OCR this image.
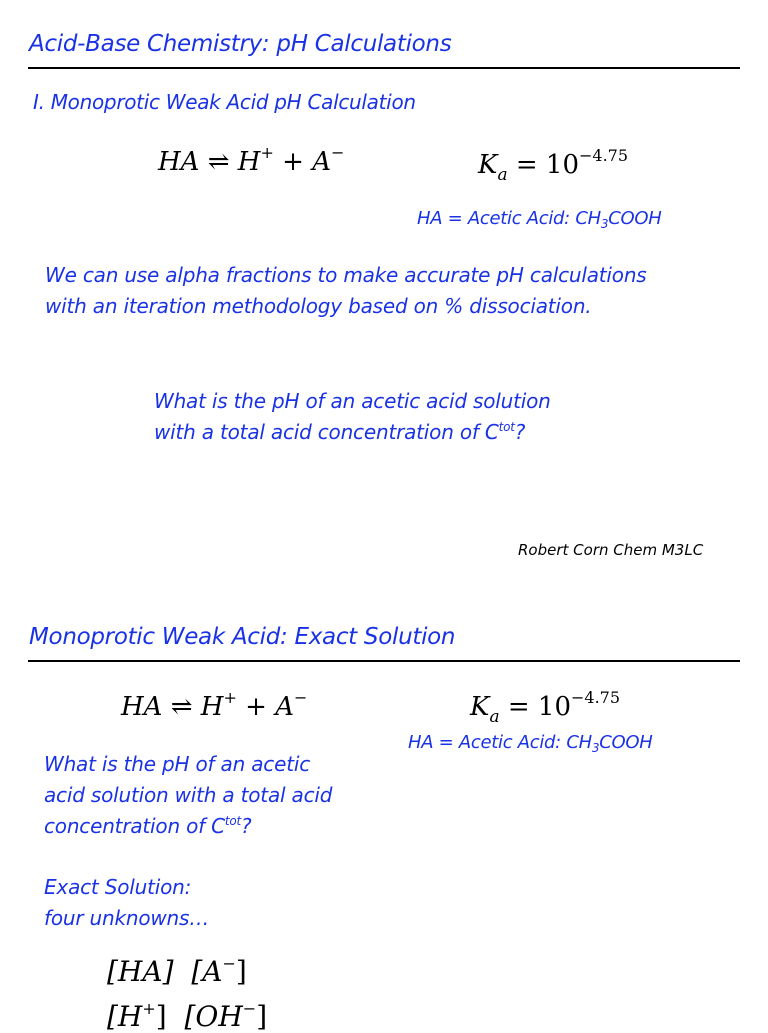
Acid-Base Chemistry: pH Calculations
I. Monoprotic Weak Acid pH Calculation
HA ⇌ H+ + A−	$K_a = 10^{-4.75}$
HA = Acetic Acid: $CH_3COOH$
We can use alpha fractions to make accurate pH calculations
with an iteration methodology based on % dissociation.
What is the pH of an acetic acid solution
with a total acid concentration of $C^{tot}$?
Robert Corn Chem M3LC
Monoprotic Weak Acid: Exact Solution
HA ⇌ H+ + A−	$K_a = 10^{-4.75}$
HA = Acetic Acid: $CH_3COOH$
What is the pH of an acetic
acid solution with a total acid
concentration of $C^{tot}$?
Exact Solution:
four unknowns…
[HA] [A−]
[H+] [OH−]
